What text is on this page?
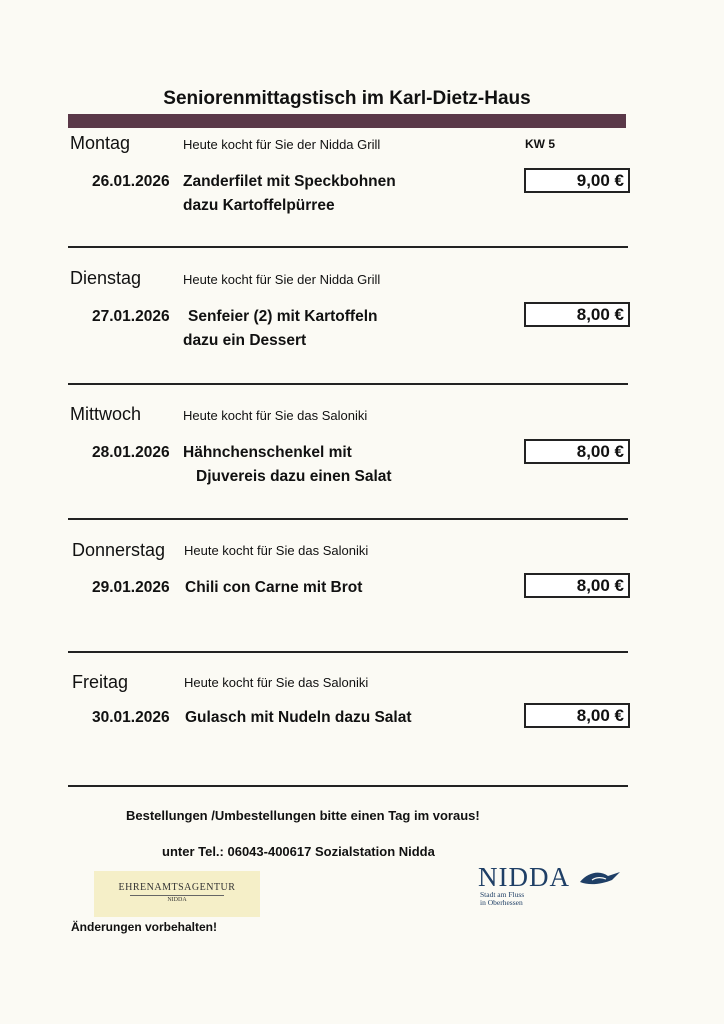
Seniorenmittagstisch im Karl-Dietz-Haus
Montag	Heute kocht für Sie der Nidda Grill	KW 5
26.01.2026 Zanderfilet mit Speckbohnen
dazu Kartoffelpürree
9,00 €
Dienstag	Heute kocht für Sie der Nidda Grill
27.01.2026 Senfeier (2) mit Kartoffeln
dazu ein Dessert
8,00 €
Mittwoch	Heute kocht für Sie das Saloniki
28.01.2026 Hähnchenschenkel mit
Djuvereis dazu einen Salat
8,00 €
Donnerstag Heute kocht für Sie das Saloniki
29.01.2026 Chili con Carne mit Brot	8,00 €
Freitag	Heute kocht für Sie das Saloniki
30.01.2026 Gulasch mit Nudeln dazu Salat	8,00 €
Bestellungen /Umbestellungen bitte einen Tag im voraus!
unter Tel.: 06043-400617 Sozialstation Nidda
EHRENAMTSAGENTUR
NIDDA
NIDDA
Stadt am Fluss
in Oberhessen
Änderungen vorbehalten!
